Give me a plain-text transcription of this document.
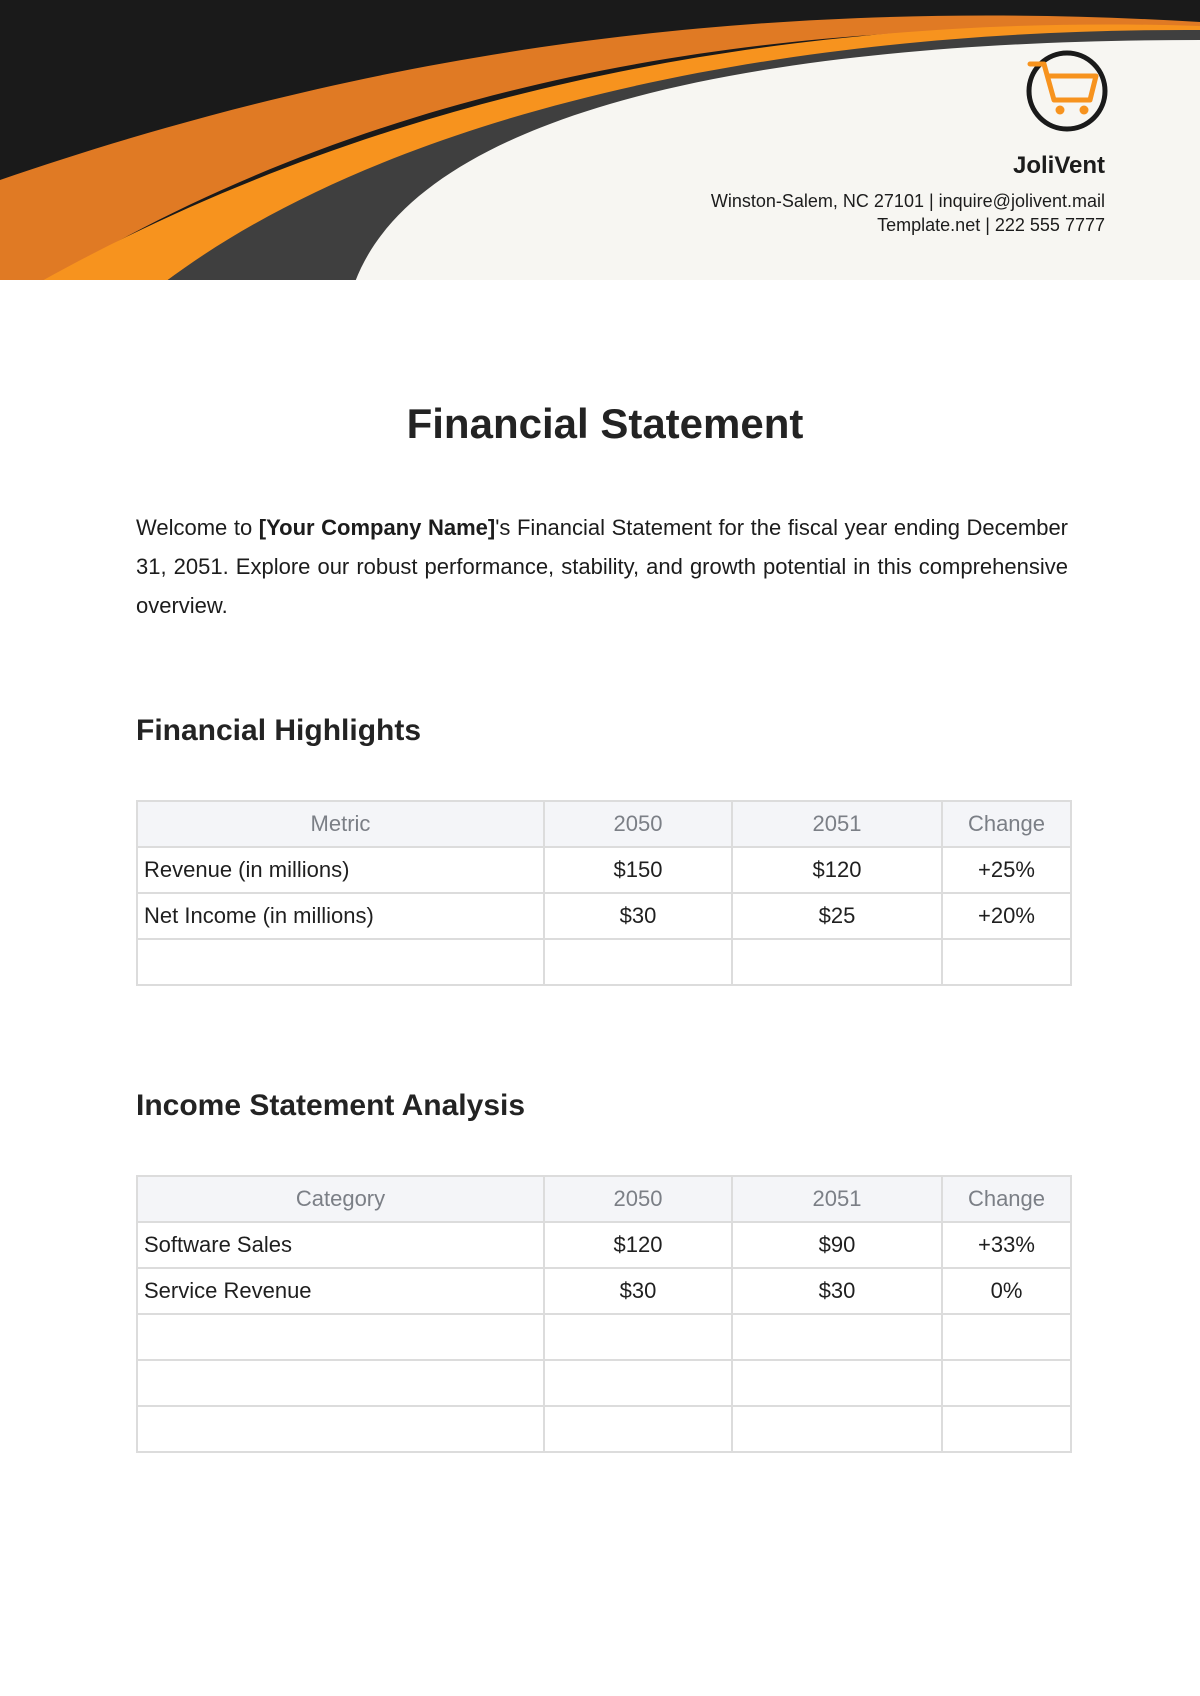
JoliVent
Winston-Salem, NC 27101 | inquire@jolivent.mail
Template.net | 222 555 7777
Financial Statement

Welcome to [Your Company Name]'s Financial Statement for the fiscal year ending December 31, 2051. Explore our robust performance, stability, and growth potential in this comprehensive overview.

Financial Highlights
Metric	2050	2051	Change
Revenue (in millions)	$150	$120	+25%
Net Income (in millions)	$30	$25	+20%

Income Statement Analysis
Category	2050	2051	Change
Software Sales	$120	$90	+33%
Service Revenue	$30	$30	0%
